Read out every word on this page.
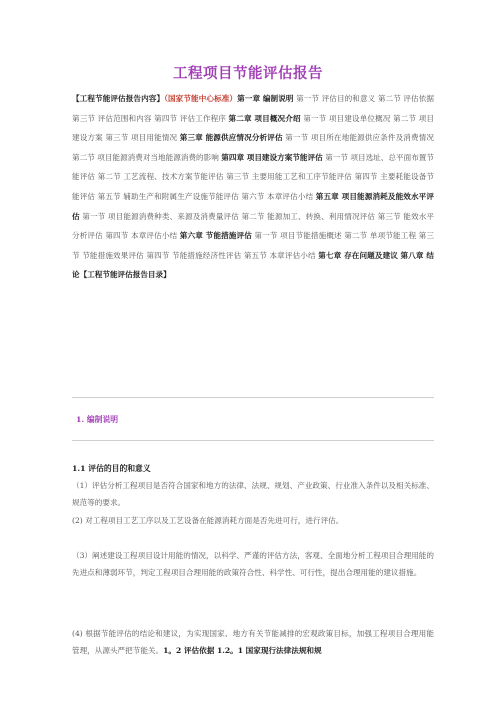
工程项目节能评估报告
【工程节能评估报告内容】（国家节能中心标准）第一章 编制说明 第一节 评估目的和意义 第二节 评估依据 第三节 评估范围和内容 第四节 评估工作程序 第二章 项目概况介绍 第一节 项目建设单位概况 第二节 项目建设方案 第三节 项目用能情况 第三章 能源供应情况分析评估 第一节 项目所在地能源供应条件及消费情况 第二节 项目能源消费对当地能源消费的影响 第四章 项目建设方案节能评估 第一节 项目选址、总平面布置节能评估 第二节 工艺流程、技术方案节能评估 第三节 主要用能工艺和工序节能评估 第四节 主要耗能设备节能评估 第五节 辅助生产和附属生产设施节能评估 第六节 本章评估小结 第五章 项目能源消耗及能效水平评估 第一节 项目能源消费种类、来源及消费量评估 第二节 能源加工、转换、利用情况评估 第三节 能效水平分析评估 第四节 本章评估小结 第六章 节能措施评估 第一节 项目节能措施概述 第二节 单项节能工程 第三节 节能措施效果评估 第四节 节能措施经济性评估 第五节 本章评估小结 第七章 存在问题及建议 第八章 结论【工程节能评估报告目录】
1. 编制说明
1.1 评估的目的和意义
（1）评估分析工程项目是否符合国家和地方的法律、法规、规划、产业政策、行业准入条件以及相关标准、规范等的要求。
(2) 对工程项目工艺工序以及工艺设备在能源消耗方面是否先进可行，进行评估。
（3）阐述建设工程项目设计用能的情况，以科学、严谨的评估方法，客观、全面地分析工程项目合理用能的先进点和薄弱环节，判定工程项目合理用能的政策符合性、科学性、可行性，提出合理用能的建议措施。
(4) 根据节能评估的结论和建议，为实现国家、地方有关节能减排的宏观政策目标，加强工程项目合理用能管理，从源头严把节能关。1。2 评估依据 1.2。1 国家现行法律法规和规
